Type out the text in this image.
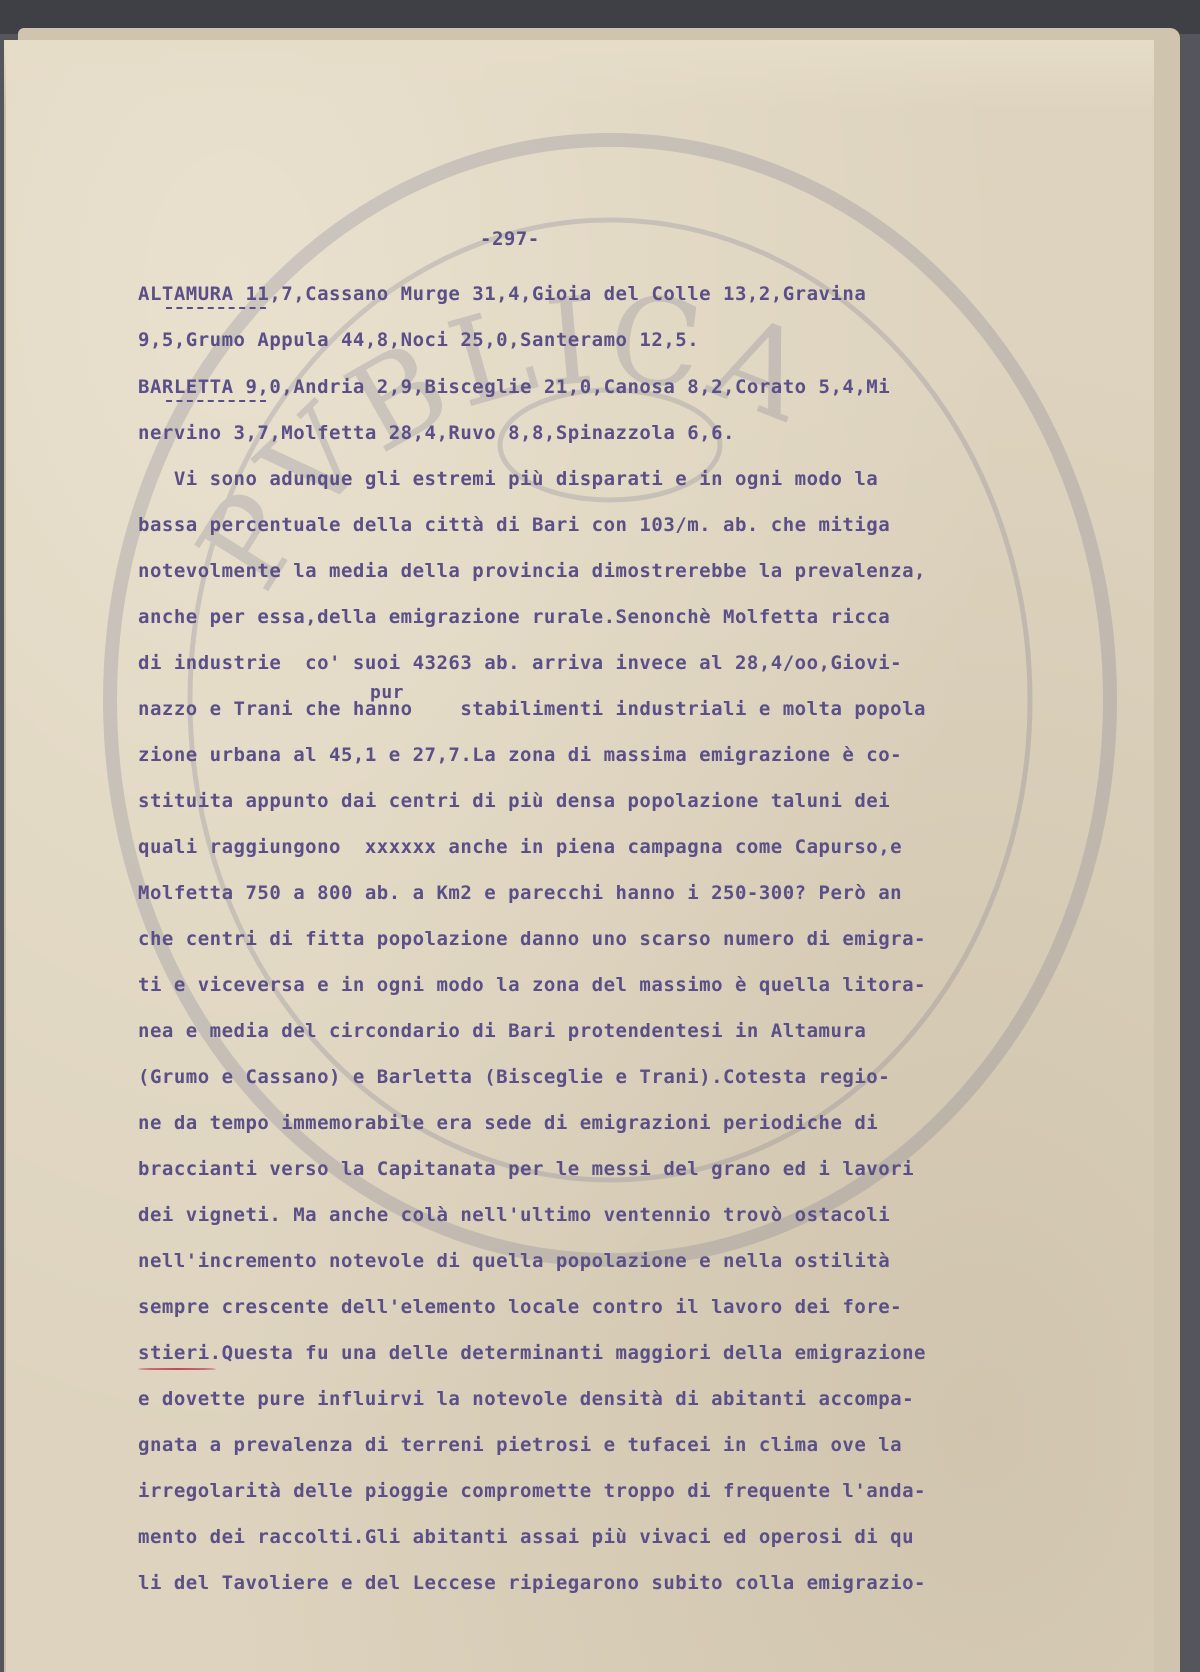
PVBLICA
-297-
ALTAMURA 11,7,Cassano Murge 31,4,Gioia del Colle 13,2,Gravina
9,5,Grumo Appula 44,8,Noci 25,0,Santeramo 12,5.
BARLETTA 9,0,Andria 2,9,Bisceglie 21,0,Canosa 8,2,Corato 5,4,Mi
nervino 3,7,Molfetta 28,4,Ruvo 8,8,Spinazzola 6,6.
Vi sono adunque gli estremi più disparati e in ogni modo la
bassa percentuale della città di Bari con 103/m. ab. che mitiga
notevolmente la media della provincia dimostrerebbe la prevalenza,
anche per essa,della emigrazione rurale.Senonchè Molfetta ricca
di industrie  co' suoi 43263 ab. arriva invece al 28,4/oo,Giovi-
pur
nazzo e Trani che hanno    stabilimenti industriali e molta popola
zione urbana al 45,1 e 27,7.La zona di massima emigrazione è co-
stituita appunto dai centri di più densa popolazione taluni dei
quali raggiungono  xxxxxx anche in piena campagna come Capurso,e
Molfetta 750 a 800 ab. a Km2 e parecchi hanno i 250-300? Però an
che centri di fitta popolazione danno uno scarso numero di emigra-
ti e viceversa e in ogni modo la zona del massimo è quella litora-
nea e media del circondario di Bari protendentesi in Altamura
(Grumo e Cassano) e Barletta (Bisceglie e Trani).Cotesta regio-
ne da tempo immemorabile era sede di emigrazioni periodiche di
braccianti verso la Capitanata per le messi del grano ed i lavori
dei vigneti. Ma anche colà nell'ultimo ventennio trovò ostacoli
nell'incremento notevole di quella popolazione e nella ostilità
sempre crescente dell'elemento locale contro il lavoro dei fore-
stieri.Questa fu una delle determinanti maggiori della emigrazione
e dovette pure influirvi la notevole densità di abitanti accompa-
gnata a prevalenza di terreni pietrosi e tufacei in clima ove la
irregolarità delle pioggie compromette troppo di frequente l'anda-
mento dei raccolti.Gli abitanti assai più vivaci ed operosi di qu
li del Tavoliere e del Leccese ripiegarono subito colla emigrazio-
